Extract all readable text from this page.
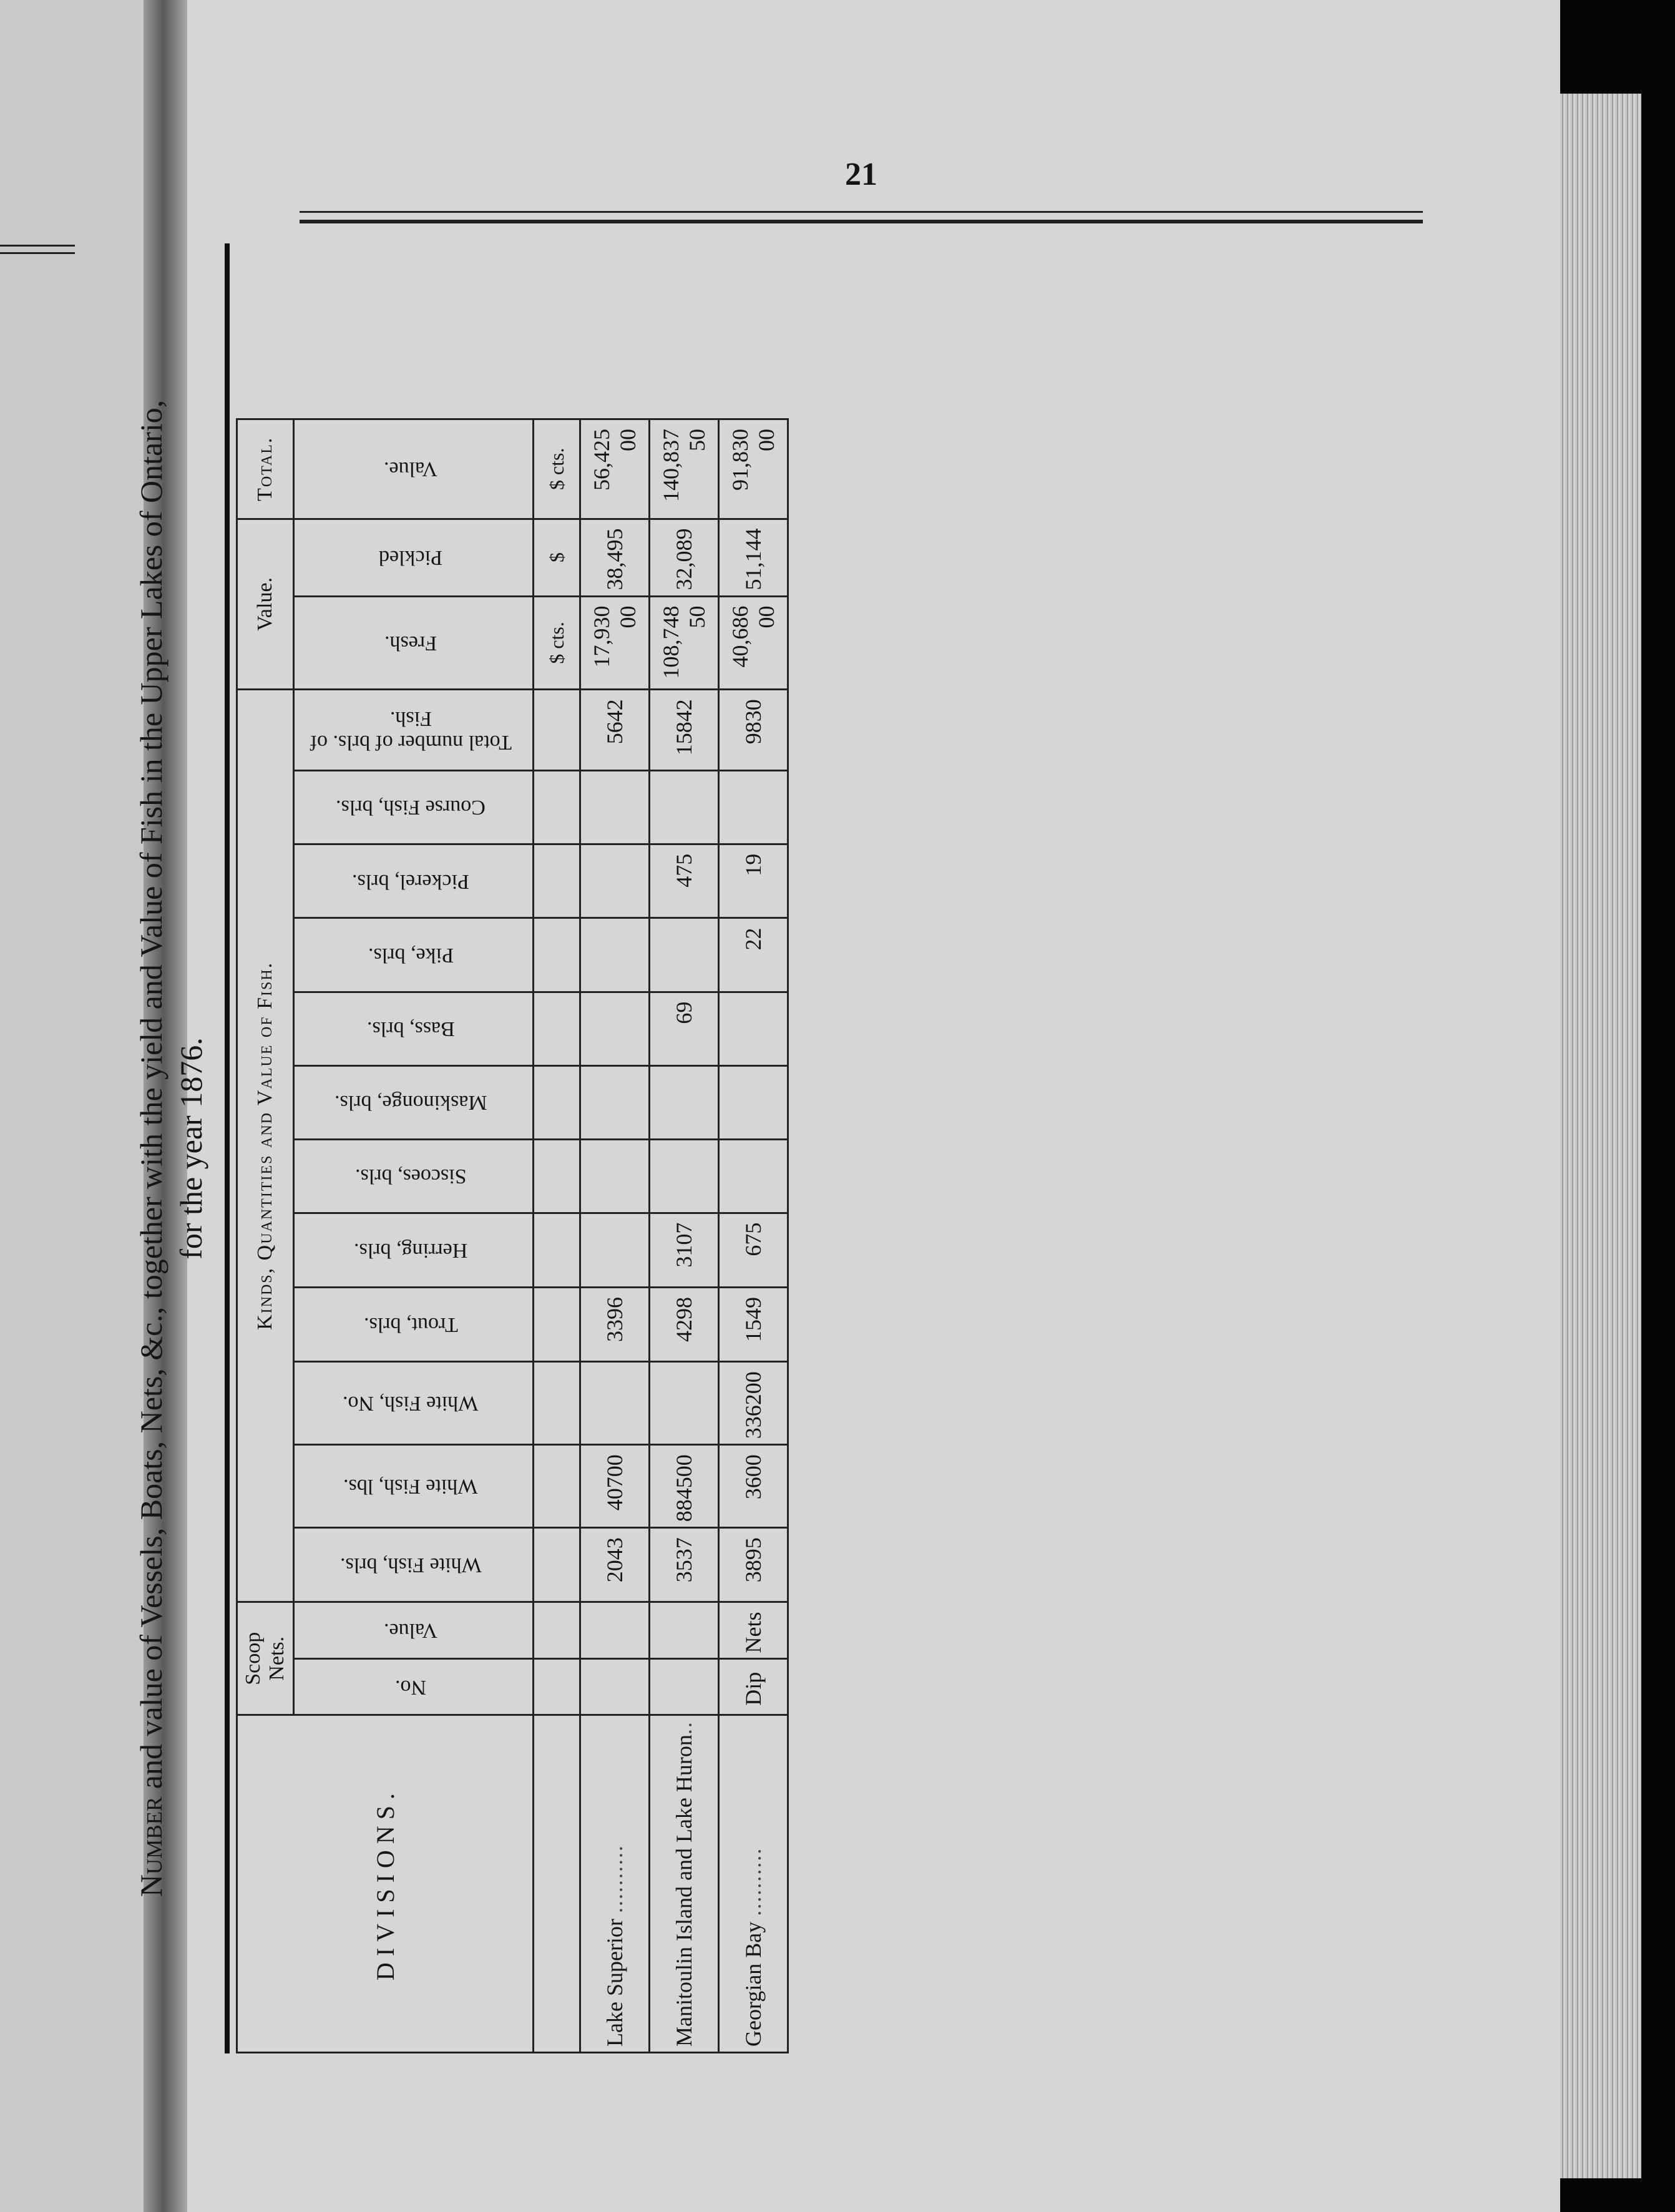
21
Number and value of Vessels, Boats, Nets, &c., together with the yield and Value of Fish in the Upper Lakes of Ontario, for the year 1876.
DIVISIONS.	Scoop Nets.		Kinds, Quantities and Value of Fish.												Value.		Total.
	No.	Value.	White Fish, brls.	White Fish, lbs.	White Fish, No.	Trout, brls.	Herring, brls.	Siscoes, brls.	Maskinonge, brls.	Bass, brls.	Pike, brls.	Pickerel, brls.	Course Fish, brls.	Total number of brls. of Fish.	Fresh.	Pickled	Value.

															$ cts.	$	$ cts.
Lake Superior ..........			2043	40700		3396								5642	17,930 00	38,495	56,425 00
Manitoulin Island and Lake Huron..			3537	884500		4298	3107			69		475		15842	108,748 50	32,089	140,837 50
Georgian Bay ..........	Dip	Nets	3895	3600	336200	1549	675				22	19		9830	40,686 00	51,144	91,830 00
